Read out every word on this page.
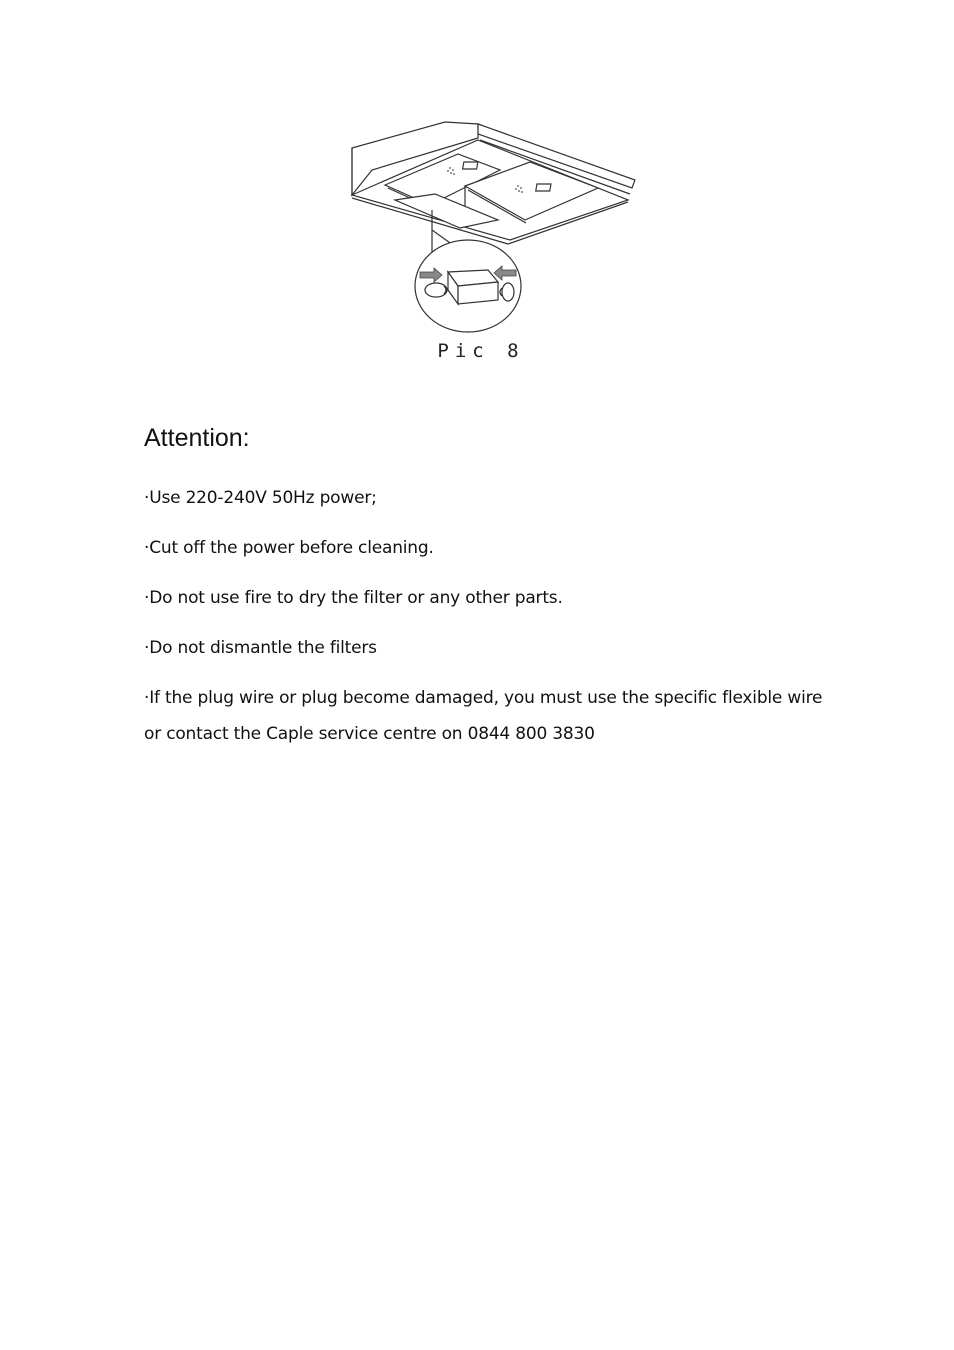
Pic 8
Attention:
·Use 220-240V 50Hz power;
·Cut off the power before cleaning.
·Do not use fire to dry the filter or any other parts.
·Do not dismantle the filters
·If the plug wire or plug become damaged, you must use the specific flexible wire or contact the Caple service centre on 0844 800 3830
